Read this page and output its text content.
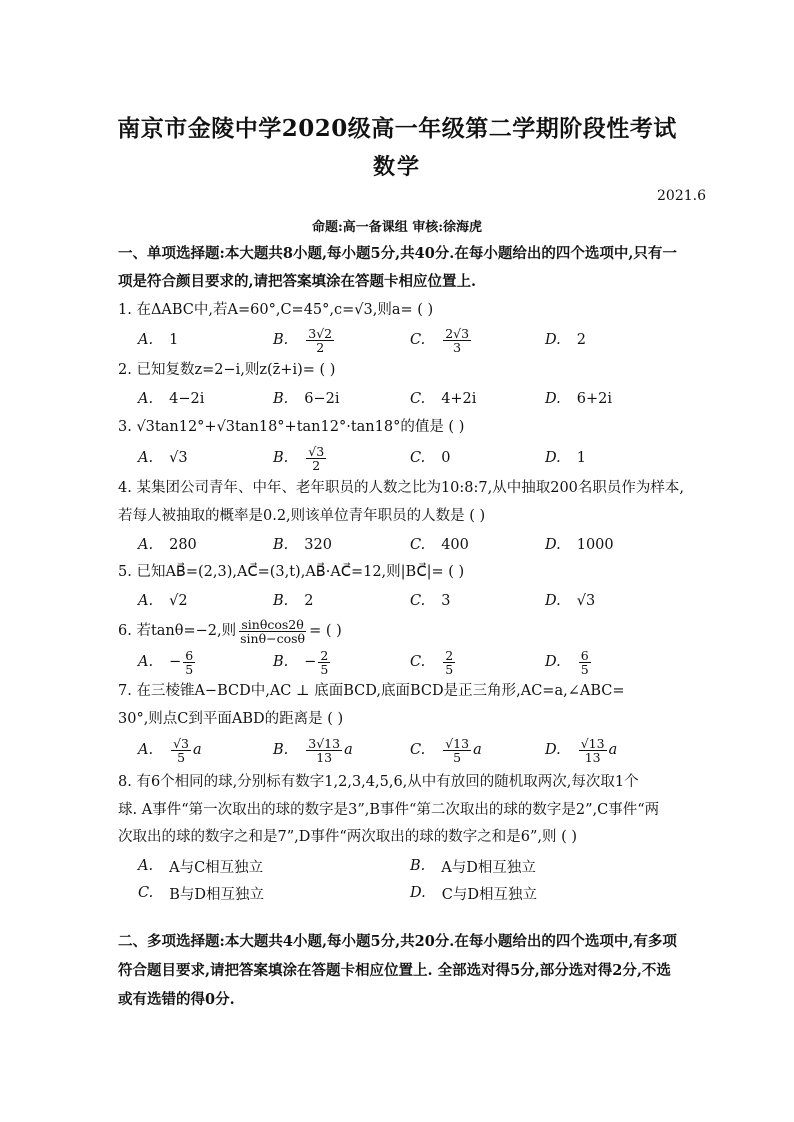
南京市金陵中学2020级高一年级第二学期阶段性考试
数学
2021.6
命题:高一备课组 审核:徐海虎
一、单项选择题:本大题共8小题,每小题5分,共40分.在每小题给出的四个选项中,只有一
项是符合颜目要求的,请把答案填涂在答题卡相应位置上.
1. 在ΔABC中,若A=60°,C=45°,c=√3,则a= ( )
A. 1	B. $\frac{3√2}{2}$	C. $\frac{2√3}{3}$	D. 2
2. 已知复数z=2−i,则z(z̄+i)= ( )
A. 4−2i	B. 6−2i	C. 4+2i	D. 6+2i
3. √3tan12°+√3tan18°+tan12°·tan18°的值是 ( )
A. √3	B. $\frac{√3}{2}$	C. 0	D. 1
4. 某集团公司青年、中年、老年职员的人数之比为10:8:7,从中抽取200名职员作为样本,
若每人被抽取的概率是0.2,则该单位青年职员的人数是 ( )
A. 280	B. 320	C. 400	D. 1000
5. 已知AB⃗=(2,3),AC⃗=(3,t),AB⃗·AC⃗=12,则|BC⃗|= ( )
A. √2	B. 2	C. 3	D. √3
6. 若tanθ=−2,则 $\frac{\sin\theta\cos 2\theta}{\sin\theta-\cos\theta}$ = ( )
A. − $\frac{6}{5}$	B. − $\frac{2}{5}$	C. $\frac{2}{5}$	D. $\frac{6}{5}$
7. 在三棱锥A−BCD中,AC ⊥ 底面BCD,底面BCD是正三角形,AC=a,∠ABC=
30°,则点C到平面ABD的距离是 ( )
A. $\frac{√3}{5}$ a	B. $\frac{3√13}{13}$ a	C. $\frac{√13}{5}$ a	D. $\frac{√13}{13}$ a
8. 有6个相同的球,分别标有数字1,2,3,4,5,6,从中有放回的随机取两次,每次取1个
球. A事件“第一次取出的球的数字是3”,B事件“第二次取出的球的数字是2”,C事件“两
次取出的球的数字之和是7”,D事件“两次取出的球的数字之和是6”,则 ( )
A. A与C相互独立	B. A与D相互独立
C. B与D相互独立	D. C与D相互独立
二、多项选择题:本大题共4小题,每小题5分,共20分.在每小题给出的四个选项中,有多项
符合题目要求,请把答案填涂在答题卡相应位置上. 全部选对得5分,部分选对得2分,不选
或有选错的得0分.
